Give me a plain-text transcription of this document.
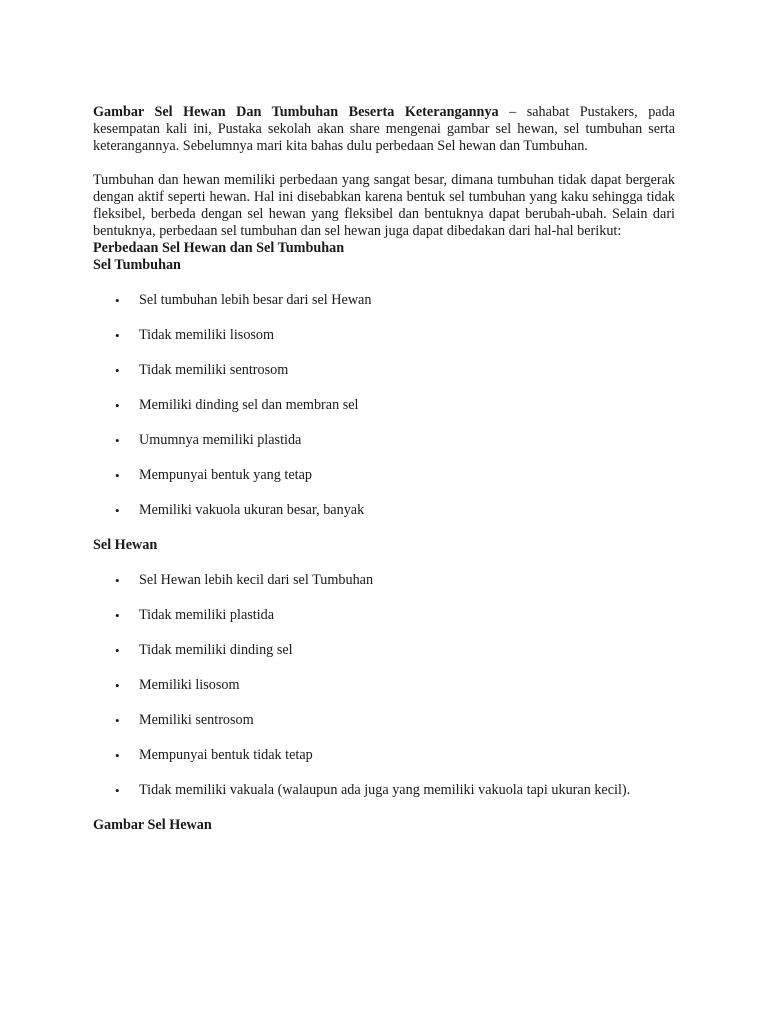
Gambar Sel Hewan Dan Tumbuhan Beserta Keterangannya – sahabat Pustakers, pada kesempatan kali ini, Pustaka sekolah akan share mengenai gambar sel hewan, sel tumbuhan serta keterangannya. Sebelumnya mari kita bahas dulu perbedaan Sel hewan dan Tumbuhan.

Tumbuhan dan hewan memiliki perbedaan yang sangat besar, dimana tumbuhan tidak dapat bergerak dengan aktif seperti hewan. Hal ini disebabkan karena bentuk sel tumbuhan yang kaku sehingga tidak fleksibel, berbeda dengan sel hewan yang fleksibel dan bentuknya dapat berubah-ubah. Selain dari bentuknya, perbedaan sel tumbuhan dan sel hewan juga dapat dibedakan dari hal-hal berikut:

Perbedaan Sel Hewan dan Sel Tumbuhan
Sel Tumbuhan
• Sel tumbuhan lebih besar dari sel Hewan
• Tidak memiliki lisosom
• Tidak memiliki sentrosom
• Memiliki dinding sel dan membran sel
• Umumnya memiliki plastida
• Mempunyai bentuk yang tetap
• Memiliki vakuola ukuran besar, banyak
Sel Hewan
• Sel Hewan lebih kecil dari sel Tumbuhan
• Tidak memiliki plastida
• Tidak memiliki dinding sel
• Memiliki lisosom
• Memiliki sentrosom
• Mempunyai bentuk tidak tetap
• Tidak memiliki vakuala (walaupun ada juga yang memiliki vakuola tapi ukuran kecil).
Gambar Sel Hewan
